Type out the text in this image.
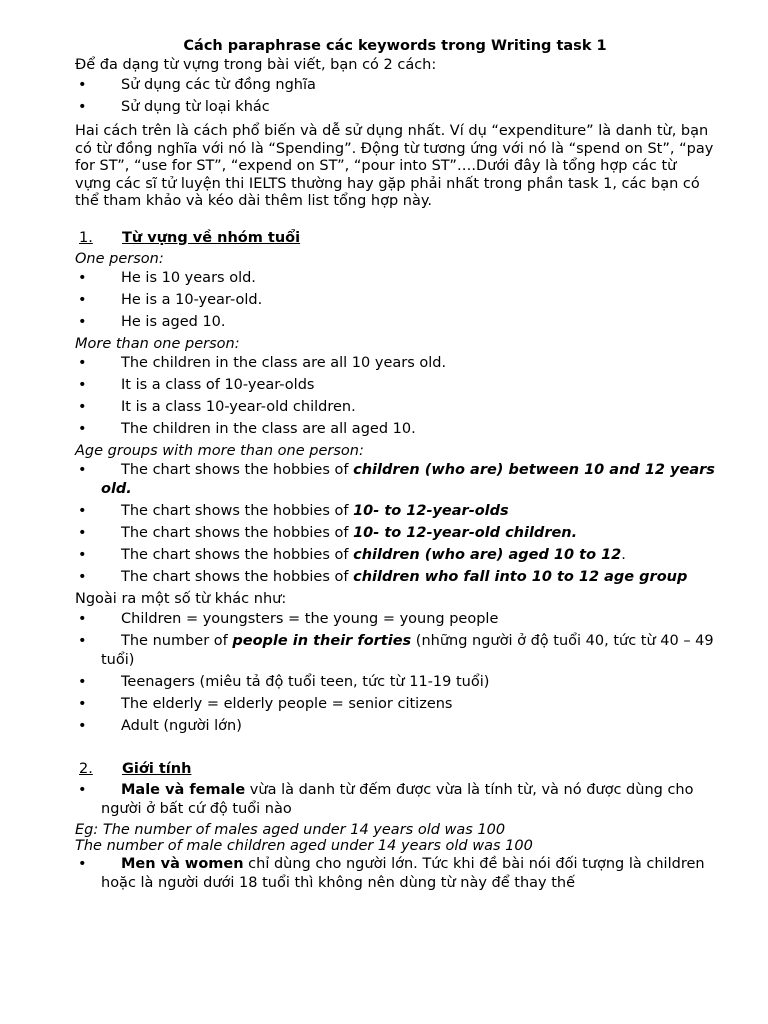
Cách paraphrase các keywords trong Writing task 1

Để đa dạng từ vựng trong bài viết, bạn có 2 cách:

•	Sử dụng các từ đồng nghĩa
•	Sử dụng từ loại khác

Hai cách trên là cách phổ biến và dễ sử dụng nhất. Ví dụ “expenditure” là danh từ, bạn có từ đồng nghĩa với nó là “Spending”. Động từ tương ứng với nó là “spend on St”, “pay for ST”, “use for ST”, “expend on ST”, “pour into ST”….Dưới đây là tổng hợp các từ vựng các sĩ tử luyện thi IELTS thường hay gặp phải nhất trong phần task 1, các bạn có thể tham khảo và kéo dài thêm list tổng hợp này.

1. Từ vựng về nhóm tuổi

One person:

•	He is 10 years old.
•	He is a 10-year-old.
•	He is aged 10.

More than one person:

•	The children in the class are all 10 years old.
•	It is a class of 10-year-olds
•	It is a class 10-year-old children.
•	The children in the class are all aged 10.

Age groups with more than one person:

•	The chart shows the hobbies of children (who are) between 10 and 12 years old.
•	The chart shows the hobbies of 10- to 12-year-olds
•	The chart shows the hobbies of 10- to 12-year-old children.
•	The chart shows the hobbies of children (who are) aged 10 to 12.
•	The chart shows the hobbies of children who fall into 10 to 12 age group

Ngoài ra một số từ khác như:

•	Children = youngsters = the young = young people
•	The number of people in their forties (những người ở độ tuổi 40, tức từ 40 – 49 tuổi)
•	Teenagers (miêu tả độ tuổi teen, tức từ 11-19 tuổi)
•	The elderly = elderly people = senior citizens
•	Adult (người lớn)
2. Giới tính
•	Male và female vừa là danh từ đếm được vừa là tính từ, và nó được dùng cho người ở bất cứ độ tuổi nào

Eg: The number of males aged under 14 years old was 100

The number of male children aged under 14 years old was 100

•	Men và women chỉ dùng cho người lớn. Tức khi đề bài nói đối tượng là children hoặc là người dưới 18 tuổi thì không nên dùng từ này để thay thế
